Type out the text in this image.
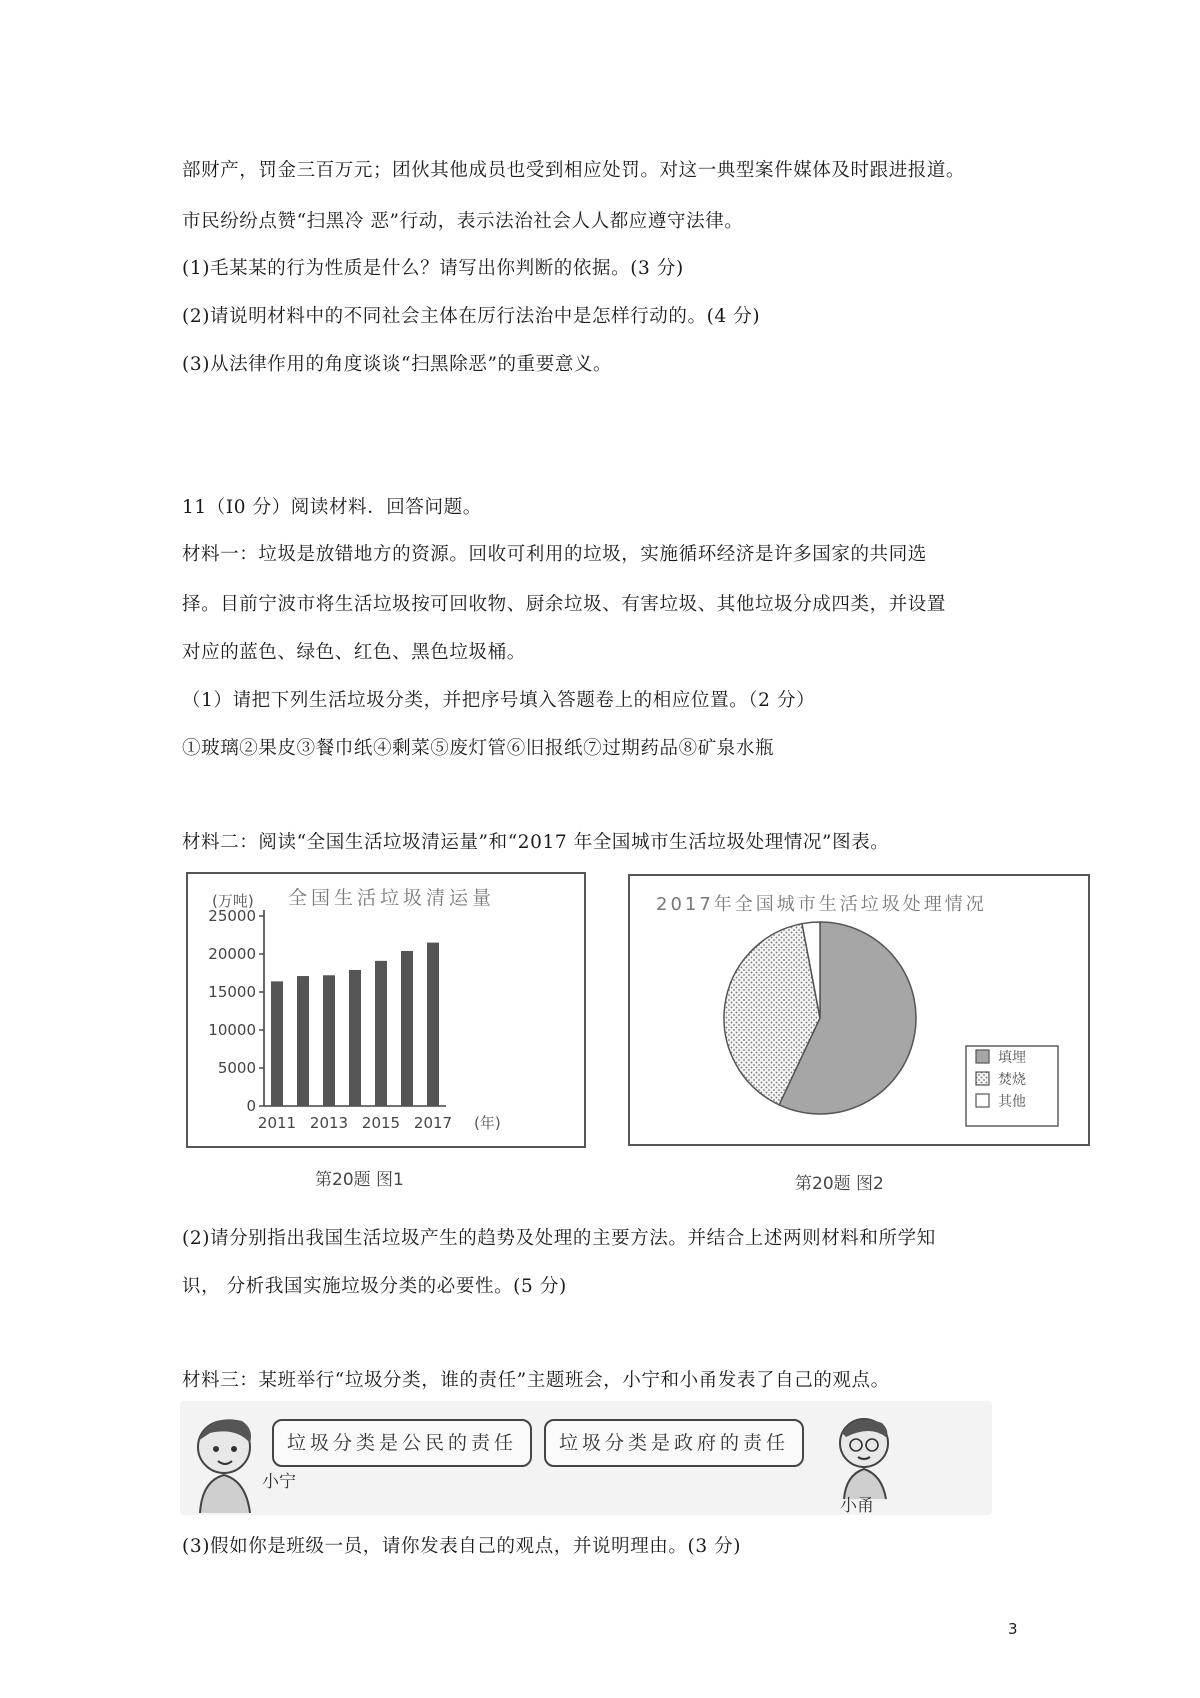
部财产，罚金三百万元；团伙其他成员也受到相应处罚。对这一典型案件媒体及时跟进报道。
市民纷纷点赞“扫黑冷 恶”行动，表示法治社会人人都应遵守法律。
(1)毛某某的行为性质是什么？请写出你判断的依据。(3 分)
(2)请说明材料中的不同社会主体在厉行法治中是怎样行动的。(4 分)
(3)从法律作用的角度谈谈“扫黑除恶”的重要意义。
11（I0 分）阅读材料．回答问题。
材料一：垃圾是放错地方的资源。回收可利用的垃圾，实施循环经济是许多国家的共同选
择。目前宁波市将生活垃圾按可回收物、厨余垃圾、有害垃圾、其他垃圾分成四类，并设置
对应的蓝色、绿色、红色、黑色垃圾桶。
（1）请把下列生活垃圾分类，并把序号填入答题卷上的相应位置。（2 分）
①玻璃②果皮③餐巾纸④剩菜⑤废灯管⑥旧报纸⑦过期药品⑧矿泉水瓶
材料二：阅读“全国生活垃圾清运量”和“2017 年全国城市生活垃圾处理情况”图表。
全国生活垃圾清运量
(万吨)
0
5000
10000
15000
20000
25000
2011 2013 2015 2017 (年)
第20题 图1
2017年全国城市生活垃圾处理情况
填埋
焚烧
其他
第20题 图2
(2)请分别指出我国生活垃圾产生的趋势及处理的主要方法。并结合上述两则材料和所学知
识， 分析我国实施垃圾分类的必要性。(5 分)
材料三：某班举行“垃圾分类，谁的责任”主题班会，小宁和小甬发表了自己的观点。
垃圾分类是公民的责任	垃圾分类是政府的责任
小宁
小甬
(3)假如你是班级一员，请你发表自己的观点，并说明理由。(3 分)
3
